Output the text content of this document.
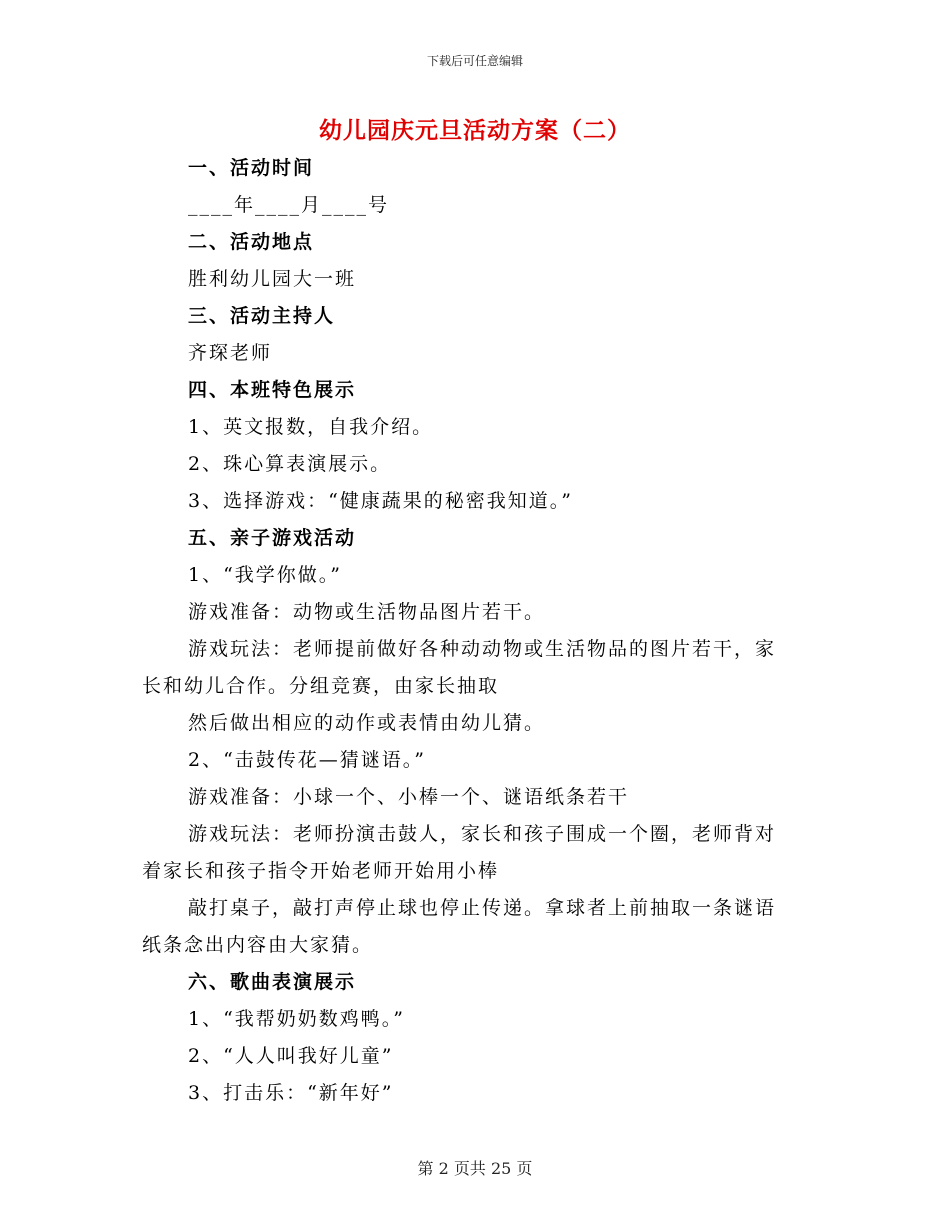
下载后可任意编辑
幼儿园庆元旦活动方案（二）
一、活动时间
____年____月____号
二、活动地点
胜利幼儿园大一班
三、活动主持人
齐琛老师
四、本班特色展示
1、英文报数，自我介绍。
2、珠心算表演展示。
3、选择游戏：“健康蔬果的秘密我知道。”
五、亲子游戏活动
1、“我学你做。”
游戏准备：动物或生活物品图片若干。
游戏玩法：老师提前做好各种动动物或生活物品的图片若干，家
长和幼儿合作。分组竞赛，由家长抽取
然后做出相应的动作或表情由幼儿猜。
2、“击鼓传花—猜谜语。”
游戏准备：小球一个、小棒一个、谜语纸条若干
游戏玩法：老师扮演击鼓人，家长和孩子围成一个圈，老师背对
着家长和孩子指令开始老师开始用小棒
敲打桌子，敲打声停止球也停止传递。拿球者上前抽取一条谜语
纸条念出内容由大家猜。
六、歌曲表演展示
1、“我帮奶奶数鸡鸭。”
2、“人人叫我好儿童”
3、打击乐：“新年好”
第 2 页共 25 页
